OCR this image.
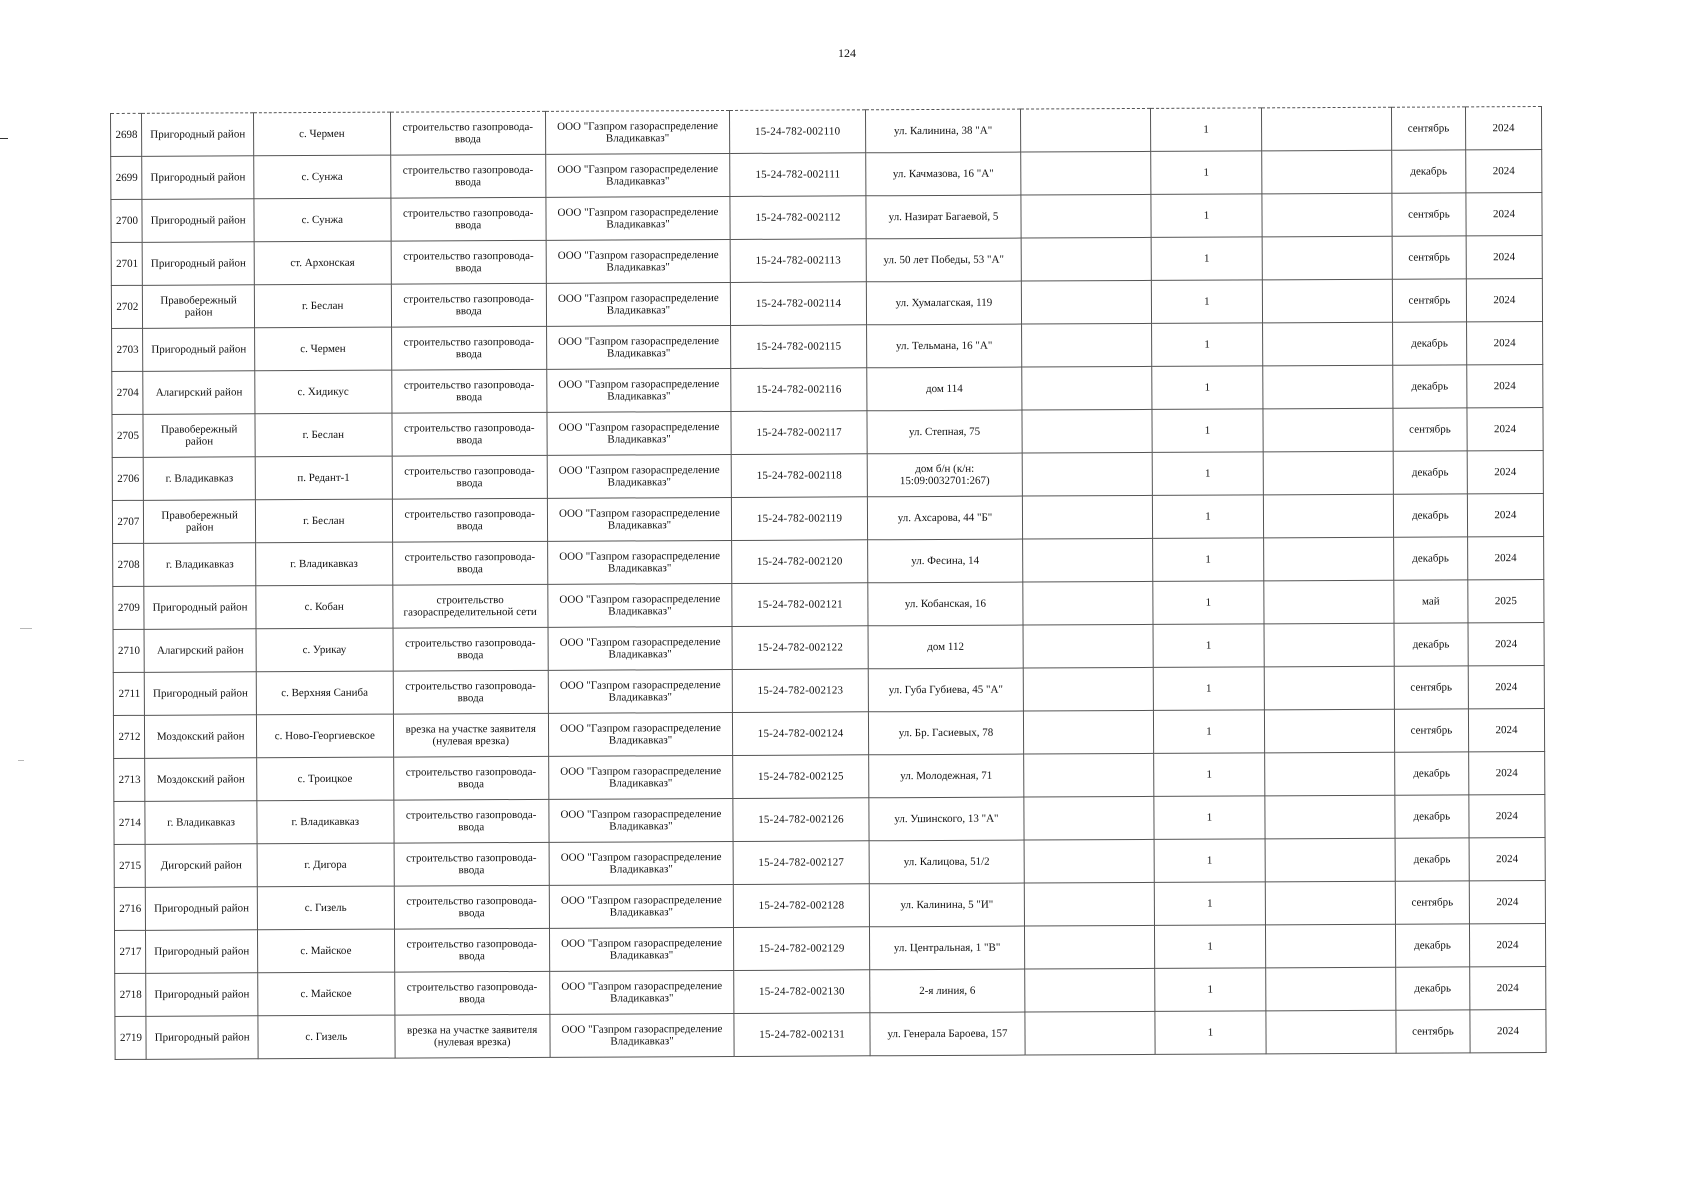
124
2698	Пригородный район	с. Чермен	строительство газопровода-ввода	ООО "Газпром газораспределение Владикавказ"	15-24-782-002110	ул. Калинина, 38 "А"		1		сентябрь	2024
2699	Пригородный район	с. Сунжа	строительство газопровода-ввода	ООО "Газпром газораспределение Владикавказ"	15-24-782-002111	ул. Качмазова, 16 "А"		1		декабрь	2024
2700	Пригородный район	с. Сунжа	строительство газопровода-ввода	ООО "Газпром газораспределение Владикавказ"	15-24-782-002112	ул. Назират Багаевой, 5		1		сентябрь	2024
2701	Пригородный район	ст. Архонская	строительство газопровода-ввода	ООО "Газпром газораспределение Владикавказ"	15-24-782-002113	ул. 50 лет Победы, 53 "А"		1		сентябрь	2024
2702	Правобережный район	г. Беслан	строительство газопровода-ввода	ООО "Газпром газораспределение Владикавказ"	15-24-782-002114	ул. Хумалагская, 119		1		сентябрь	2024
2703	Пригородный район	с. Чермен	строительство газопровода-ввода	ООО "Газпром газораспределение Владикавказ"	15-24-782-002115	ул. Тельмана, 16 "А"		1		декабрь	2024
2704	Алагирский район	с. Хидикус	строительство газопровода-ввода	ООО "Газпром газораспределение Владикавказ"	15-24-782-002116	дом 114		1		декабрь	2024
2705	Правобережный район	г. Беслан	строительство газопровода-ввода	ООО "Газпром газораспределение Владикавказ"	15-24-782-002117	ул. Степная, 75		1		сентябрь	2024
2706	г. Владикавказ	п. Редант-1	строительство газопровода-ввода	ООО "Газпром газораспределение Владикавказ"	15-24-782-002118	дом б/н (к/н: 15:09:0032701:267)		1		декабрь	2024
2707	Правобережный район	г. Беслан	строительство газопровода-ввода	ООО "Газпром газораспределение Владикавказ"	15-24-782-002119	ул. Ахсарова, 44 "Б"		1		декабрь	2024
2708	г. Владикавказ	г. Владикавказ	строительство газопровода-ввода	ООО "Газпром газораспределение Владикавказ"	15-24-782-002120	ул. Фесина, 14		1		декабрь	2024
2709	Пригородный район	с. Кобан	строительство газораспределительной сети	ООО "Газпром газораспределение Владикавказ"	15-24-782-002121	ул. Кобанская, 16		1		май	2025
2710	Алагирский район	с. Урикау	строительство газопровода-ввода	ООО "Газпром газораспределение Владикавказ"	15-24-782-002122	дом 112		1		декабрь	2024
2711	Пригородный район	с. Верхняя Саниба	строительство газопровода-ввода	ООО "Газпром газораспределение Владикавказ"	15-24-782-002123	ул. Губа Губиева, 45 "А"		1		сентябрь	2024
2712	Моздокский район	с. Ново-Георгиевское	врезка на участке заявителя (нулевая врезка)	ООО "Газпром газораспределение Владикавказ"	15-24-782-002124	ул. Бр. Гасиевых, 78		1		сентябрь	2024
2713	Моздокский район	с. Троицкое	строительство газопровода-ввода	ООО "Газпром газораспределение Владикавказ"	15-24-782-002125	ул. Молодежная, 71		1		декабрь	2024
2714	г. Владикавказ	г. Владикавказ	строительство газопровода-ввода	ООО "Газпром газораспределение Владикавказ"	15-24-782-002126	ул. Ушинского, 13 "А"		1		декабрь	2024
2715	Дигорский район	г. Дигора	строительство газопровода-ввода	ООО "Газпром газораспределение Владикавказ"	15-24-782-002127	ул. Калицова, 51/2		1		декабрь	2024
2716	Пригородный район	с. Гизель	строительство газопровода-ввода	ООО "Газпром газораспределение Владикавказ"	15-24-782-002128	ул. Калинина, 5 "И"		1		сентябрь	2024
2717	Пригородный район	с. Майское	строительство газопровода-ввода	ООО "Газпром газораспределение Владикавказ"	15-24-782-002129	ул. Центральная, 1 "В"		1		декабрь	2024
2718	Пригородный район	с. Майское	строительство газопровода-ввода	ООО "Газпром газораспределение Владикавказ"	15-24-782-002130	2-я линия, 6		1		декабрь	2024
2719	Пригородный район	с. Гизель	врезка на участке заявителя (нулевая врезка)	ООО "Газпром газораспределение Владикавказ"	15-24-782-002131	ул. Генерала Бароева, 157		1		сентябрь	2024
